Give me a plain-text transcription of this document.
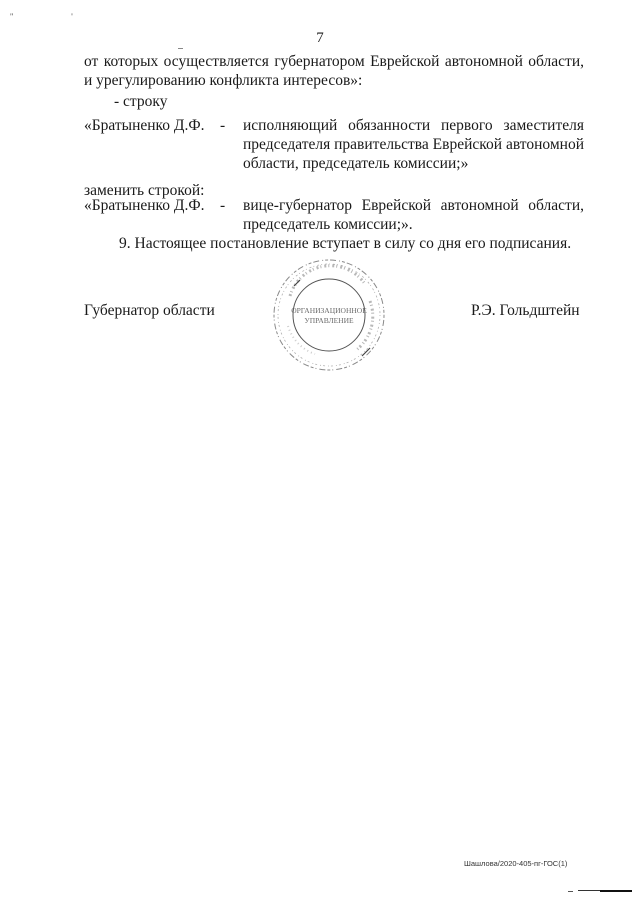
" '
7
от которых осуществляется губернатором Еврейской автономной области,
и урегулированию конфликта интересов»:
- строку
«Братыненко Д.Ф. - исполняющий обязанности первого заместителя
председателя правительства Еврейской автономной
области, председатель комиссии;»
заменить строкой:
«Братыненко Д.Ф. - вице-губернатор Еврейской автономной области,
председатель комиссии;».
9. Настоящее постановление вступает в силу со дня его подписания.
Губернатор области	Р.Э. Гольдштейн
ОРГАНИЗАЦИОННОЕ
УПРАВЛЕНИЕ
Шашлова/2020-405-пг-ГОС(1)
